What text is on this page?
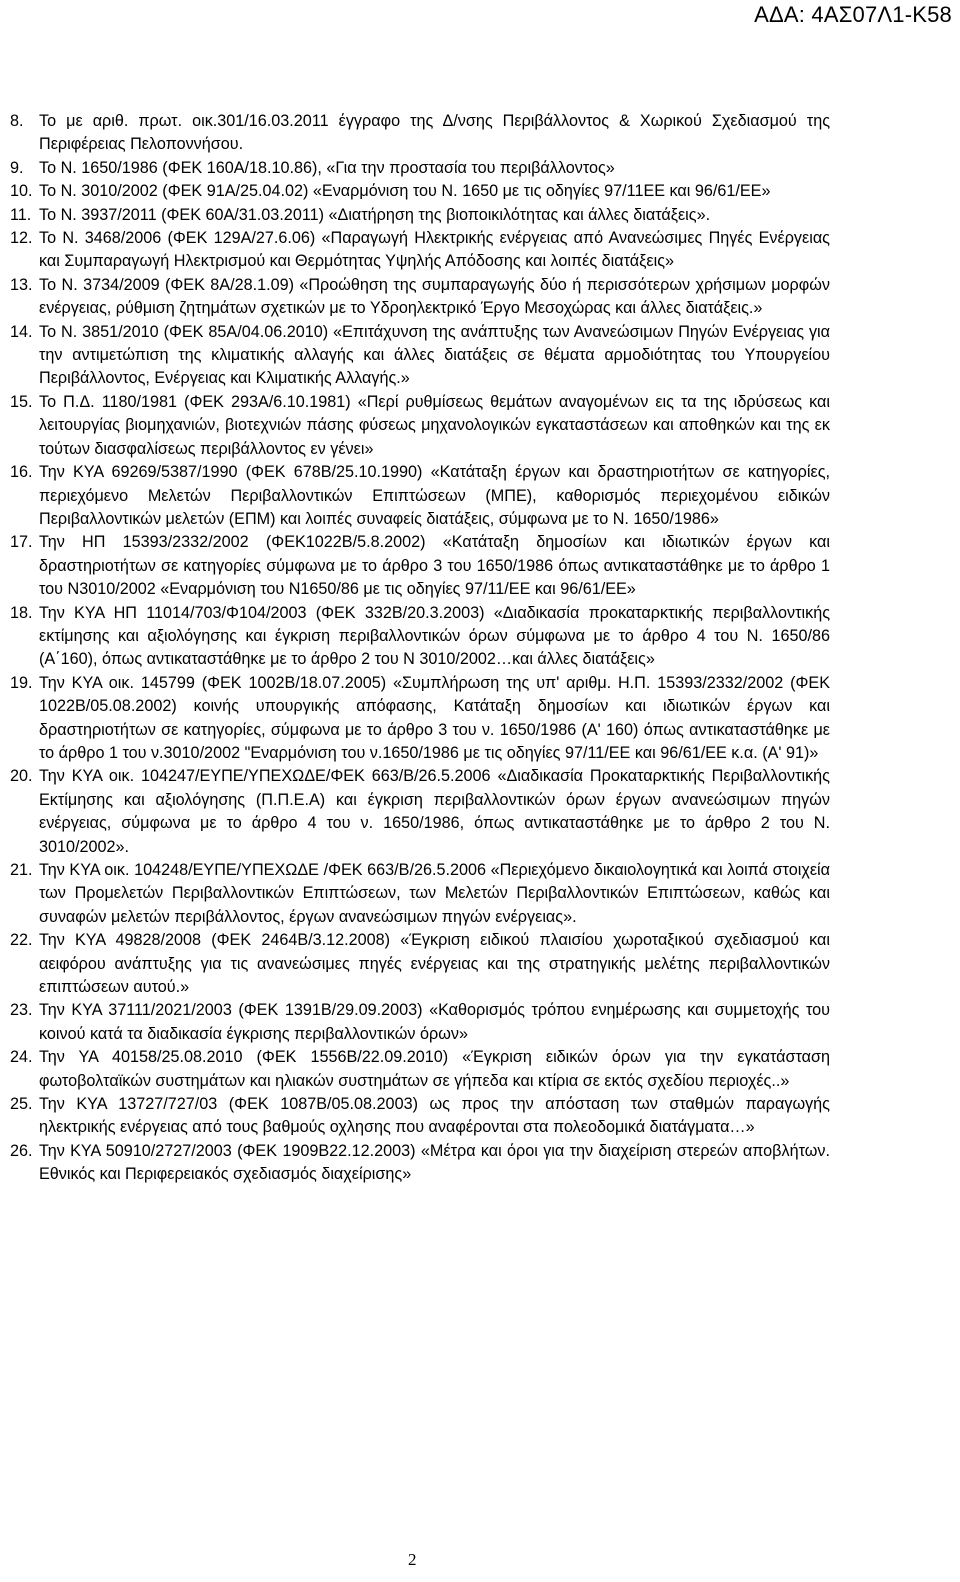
ΑΔΑ: 4ΑΣ07Λ1-Κ58
8. Το με αριθ. πρωτ. οικ.301/16.03.2011 έγγραφο της Δ/νσης Περιβάλλοντος & Χωρικού Σχεδιασμού της Περιφέρειας Πελοποννήσου.
9. Το Ν. 1650/1986 (ΦΕΚ 160Α/18.10.86), «Για την προστασία του περιβάλλοντος»
10. Το Ν. 3010/2002 (ΦΕΚ 91Α/25.04.02) «Εναρμόνιση του Ν. 1650 με τις οδηγίες 97/11ΕΕ και 96/61/ΕΕ»
11. Το Ν. 3937/2011 (ΦΕΚ 60Α/31.03.2011) «Διατήρηση της βιοποικιλότητας και άλλες διατάξεις».
12. Το Ν. 3468/2006 (ΦΕΚ 129Α/27.6.06) «Παραγωγή Ηλεκτρικής ενέργειας από Ανανεώσιμες Πηγές Ενέργειας και Συμπαραγωγή Ηλεκτρισμού και Θερμότητας Υψηλής Απόδοσης και λοιπές διατάξεις»
13. Το Ν. 3734/2009 (ΦΕΚ 8Α/28.1.09) «Προώθηση της συμπαραγωγής δύο ή περισσότερων χρήσιμων μορφών ενέργειας, ρύθμιση ζητημάτων σχετικών με το Υδροηλεκτρικό Έργο Μεσοχώρας και άλλες διατάξεις.»
14. Το Ν. 3851/2010 (ΦΕΚ 85Α/04.06.2010) «Επιτάχυνση της ανάπτυξης των Ανανεώσιμων Πηγών Ενέργειας για την αντιμετώπιση της κλιματικής αλλαγής και άλλες διατάξεις σε θέματα αρμοδιότητας του Υπουργείου Περιβάλλοντος, Ενέργειας και Κλιματικής Αλλαγής.»
15. Το Π.Δ. 1180/1981 (ΦΕΚ 293Α/6.10.1981) «Περί ρυθμίσεως θεμάτων αναγομένων εις τα της ιδρύσεως και λειτουργίας βιομηχανιών, βιοτεχνιών πάσης φύσεως μηχανολογικών εγκαταστάσεων και αποθηκών και της εκ τούτων διασφαλίσεως περιβάλλοντος εν γένει»
16. Την ΚΥΑ 69269/5387/1990 (ΦΕΚ 678Β/25.10.1990) «Κατάταξη έργων και δραστηριοτήτων σε κατηγορίες, περιεχόμενο Μελετών Περιβαλλοντικών Επιπτώσεων (ΜΠΕ), καθορισμός περιεχομένου ειδικών Περιβαλλοντικών μελετών (ΕΠΜ) και λοιπές συναφείς διατάξεις, σύμφωνα με το Ν. 1650/1986»
17. Την ΗΠ 15393/2332/2002 (ΦΕΚ1022Β/5.8.2002) «Κατάταξη δημοσίων και ιδιωτικών έργων και δραστηριοτήτων σε κατηγορίες σύμφωνα με το άρθρο 3 του 1650/1986 όπως αντικαταστάθηκε με το άρθρο 1 του Ν3010/2002 «Εναρμόνιση του Ν1650/86 με τις οδηγίες 97/11/ΕΕ και 96/61/ΕΕ»
18. Την ΚΥΑ ΗΠ 11014/703/Φ104/2003 (ΦΕΚ 332Β/20.3.2003) «Διαδικασία προκαταρκτικής περιβαλλοντικής εκτίμησης και αξιολόγησης και έγκριση περιβαλλοντικών όρων σύμφωνα με το άρθρο 4 του Ν. 1650/86 (Α΄160), όπως αντικαταστάθηκε με το άρθρο 2 του Ν 3010/2002…και άλλες διατάξεις»
19. Την ΚΥΑ οικ. 145799 (ΦΕΚ 1002Β/18.07.2005) «Συμπλήρωση της υπ' αριθμ. Η.Π. 15393/2332/2002 (ΦΕΚ 1022Β/05.08.2002) κοινής υπουργικής απόφασης, Κατάταξη δημοσίων και ιδιωτικών έργων και δραστηριοτήτων σε κατηγορίες, σύμφωνα με το άρθρο 3 του ν. 1650/1986 (Α' 160) όπως αντικαταστάθηκε με το άρθρο 1 του ν.3010/2002 "Εναρμόνιση του ν.1650/1986 με τις οδηγίες 97/11/ΕΕ και 96/61/ΕΕ κ.α. (Α' 91)»
20. Την ΚΥΑ οικ. 104247/ΕΥΠΕ/ΥΠΕΧΩΔΕ/ΦΕΚ 663/Β/26.5.2006 «Διαδικασία Προκαταρκτικής Περιβαλλοντικής Εκτίμησης και αξιολόγησης (Π.Π.Ε.Α) και έγκριση περιβαλλοντικών όρων έργων ανανεώσιμων πηγών ενέργειας, σύμφωνα με το άρθρο 4 του ν. 1650/1986, όπως αντικαταστάθηκε με το άρθρο 2 του Ν. 3010/2002».
21. Την ΚΥΑ οικ. 104248/ΕΥΠΕ/ΥΠΕΧΩΔΕ /ΦΕΚ 663/Β/26.5.2006 «Περιεχόμενο δικαιολογητικά και λοιπά στοιχεία των Προμελετών Περιβαλλοντικών Επιπτώσεων, των Μελετών Περιβαλλοντικών Επιπτώσεων, καθώς και συναφών μελετών περιβάλλοντος, έργων ανανεώσιμων πηγών ενέργειας».
22. Την ΚΥΑ 49828/2008 (ΦΕΚ 2464Β/3.12.2008) «Έγκριση ειδικού πλαισίου χωροταξικού σχεδιασμού και αειφόρου ανάπτυξης για τις ανανεώσιμες πηγές ενέργειας και της στρατηγικής μελέτης περιβαλλοντικών επιπτώσεων αυτού.»
23. Την ΚΥΑ 37111/2021/2003 (ΦΕΚ 1391Β/29.09.2003) «Καθορισμός τρόπου ενημέρωσης και συμμετοχής του κοινού κατά τα διαδικασία έγκρισης περιβαλλοντικών όρων»
24. Την ΥΑ 40158/25.08.2010 (ΦΕΚ 1556Β/22.09.2010) «Έγκριση ειδικών όρων για την εγκατάσταση φωτοβολταϊκών συστημάτων και ηλιακών συστημάτων σε γήπεδα και κτίρια σε εκτός σχεδίου περιοχές..»
25. Την ΚΥΑ 13727/727/03 (ΦΕΚ 1087Β/05.08.2003) ως προς την απόσταση των σταθμών παραγωγής ηλεκτρικής ενέργειας από τους βαθμούς οχλησης που αναφέρονται στα πολεοδομικά διατάγματα…»
26. Την ΚΥΑ 50910/2727/2003 (ΦΕΚ 1909Β22.12.2003) «Μέτρα και όροι για την διαχείριση στερεών αποβλήτων. Εθνικός και Περιφερειακός σχεδιασμός διαχείρισης»
2
